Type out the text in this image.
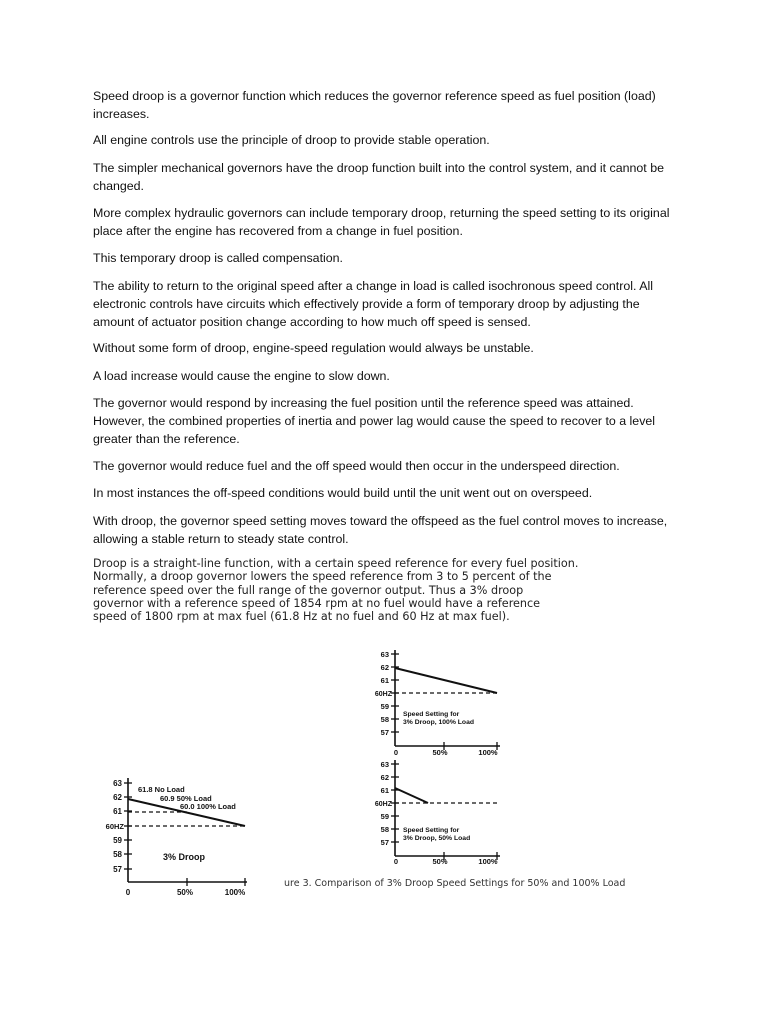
Speed droop is a governor function which reduces the governor reference speed as fuel position (load) increases.

All engine controls use the principle of droop to provide stable operation.

The simpler mechanical governors have the droop function built into the control system, and it cannot be changed.

More complex hydraulic governors can include temporary droop, returning the speed setting to its original place after the engine has recovered from a change in fuel position.

This temporary droop is called compensation.

The ability to return to the original speed after a change in load is called isochronous speed control. All electronic controls have circuits which effectively provide a form of temporary droop by adjusting the amount of actuator position change according to how much off speed is sensed.

Without some form of droop, engine-speed regulation would always be unstable.

A load increase would cause the engine to slow down.

The governor would respond by increasing the fuel position until the reference speed was attained. However, the combined properties of inertia and power lag would cause the speed to recover to a level greater than the reference.

The governor would reduce fuel and the off speed would then occur in the underspeed direction.

In most instances the off-speed conditions would build until the unit went out on overspeed.

With droop, the governor speed setting moves toward the offspeed as the fuel control moves to increase, allowing a stable return to steady state control.

Droop is a straight-line function, with a certain speed reference for every fuel position.
Normally, a droop governor lowers the speed reference from 3 to 5 percent of the
reference speed over the full range of the governor output. Thus a 3% droop
governor with a reference speed of 1854 rpm at no fuel would have a reference
speed of 1800 rpm at max fuel (61.8 Hz at no fuel and 60 Hz at max fuel).
63
62
61
60HZ
59
58
57
61.8 No Load
60.9 50% Load
60.0 100% Load
3% Droop
0	50%	100%
63
62
61
60HZ
59
58
57
Speed Setting for
3% Droop, 100% Load
0	50%	100%
63
62
61
60HZ
59
58
57
Speed Setting for
3% Droop, 50% Load
0	50%	100%

ure 3. Comparison of 3% Droop Speed Settings for 50% and 100% Load
